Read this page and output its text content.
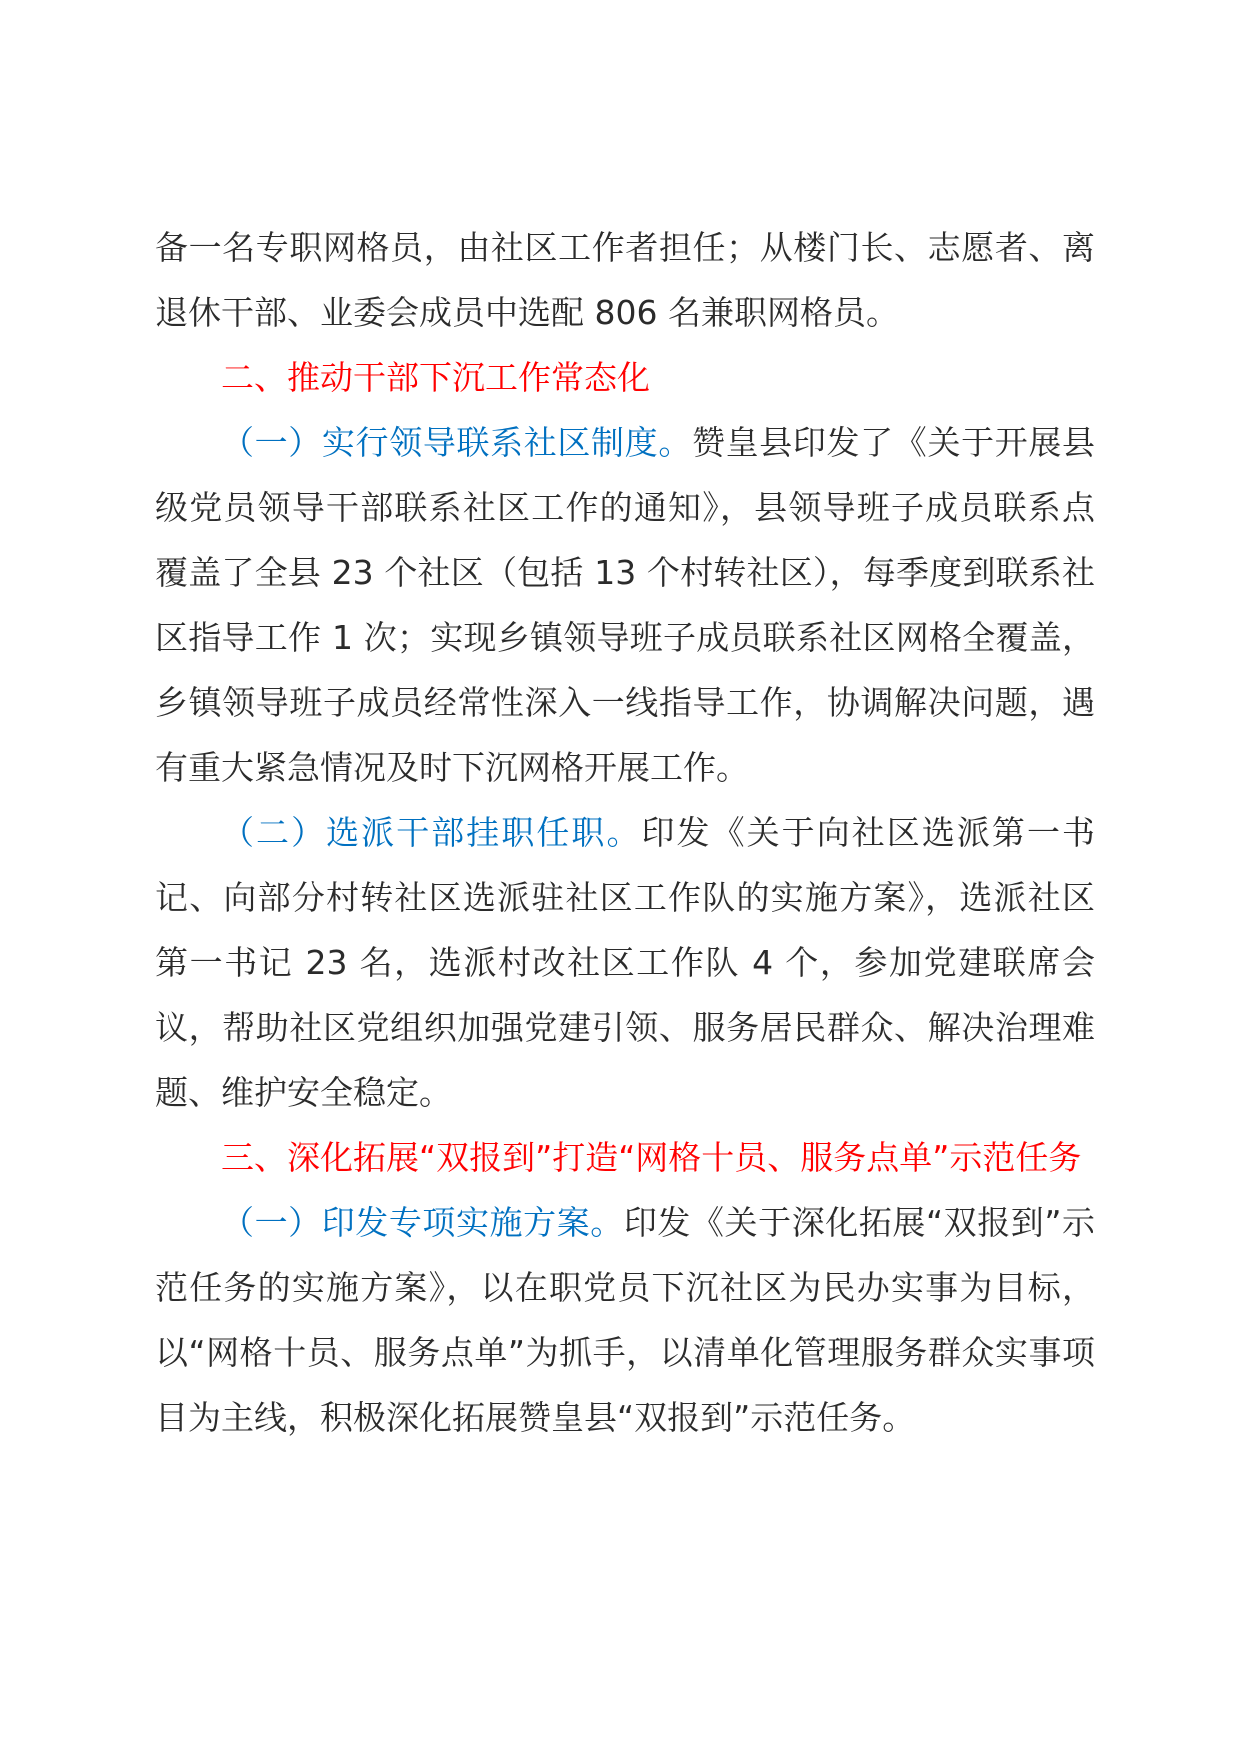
备一名专职网格员，由社区工作者担任；从楼门长、志愿者、离退休干部、业委会成员中选配 806 名兼职网格员。

二、推动干部下沉工作常态化

（一）实行领导联系社区制度。赞皇县印发了《关于开展县级党员领导干部联系社区工作的通知》，县领导班子成员联系点覆盖了全县 23 个社区（包括 13 个村转社区），每季度到联系社区指导工作 1 次；实现乡镇领导班子成员联系社区网格全覆盖，乡镇领导班子成员经常性深入一线指导工作，协调解决问题，遇有重大紧急情况及时下沉网格开展工作。

（二）选派干部挂职任职。印发《关于向社区选派第一书记、向部分村转社区选派驻社区工作队的实施方案》，选派社区第一书记 23 名，选派村改社区工作队 4 个，参加党建联席会议，帮助社区党组织加强党建引领、服务居民群众、解决治理难题、维护安全稳定。

三、深化拓展“双报到”打造“网格十员、服务点单”示范任务

（一）印发专项实施方案。印发《关于深化拓展“双报到”示范任务的实施方案》，以在职党员下沉社区为民办实事为目标，以“网格十员、服务点单”为抓手，以清单化管理服务群众实事项目为主线，积极深化拓展赞皇县“双报到”示范任务。
